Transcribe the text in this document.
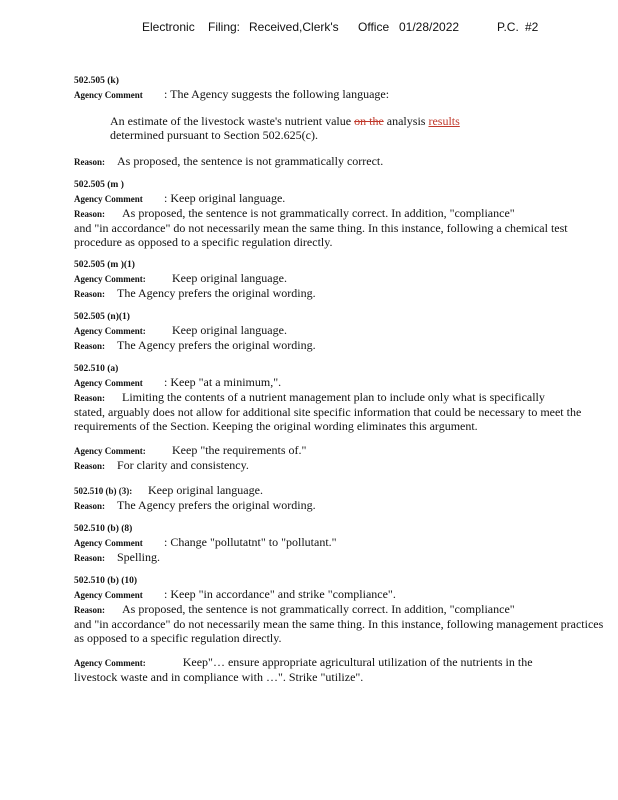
Electronic Filing: Received,Clerk's Office 01/28/2022	P.C. #2
502.505 (k)
Agency Comment : The Agency suggests the following language:
An estimate of the livestock waste's nutrient value on the analysis results
determined pursuant to Section 502.625(c).
Reason: As proposed, the sentence is not grammatically correct.
502.505 (m )
Agency Comment : Keep original language.
Reason: As proposed, the sentence is not grammatically correct. In addition, "compliance"
and "in accordance" do not necessarily mean the same thing. In this instance, following a chemical test procedure as opposed to a specific regulation directly.
502.505 (m )(1)
Agency Comment: Keep original language.
Reason: The Agency prefers the original wording.
502.505 (n)(1)
Agency Comment: Keep original language.
Reason: The Agency prefers the original wording.
502.510 (a)
Agency Comment : Keep "at a minimum,".
Reason: Limiting the contents of a nutrient management plan to include only what is specifically
stated, arguably does not allow for additional site specific information that could be necessary to meet the requirements of the Section. Keeping the original wording eliminates this argument.
Agency Comment: Keep "the requirements of."
Reason: For clarity and consistency.
502.510 (b) (3): Keep original language.
Reason: The Agency prefers the original wording.
502.510 (b) (8)
Agency Comment : Change "pollutatnt" to "pollutant."
Reason: Spelling.
502.510 (b) (10)
Agency Comment : Keep "in accordance" and strike "compliance".
Reason: As proposed, the sentence is not grammatically correct. In addition, "compliance"
and "in accordance" do not necessarily mean the same thing. In this instance, following management practices as opposed to a specific regulation directly.
Agency Comment:	Keep"… ensure appropriate agricultural utilization of the nutrients in the
livestock waste and in compliance with …". Strike "utilize".
